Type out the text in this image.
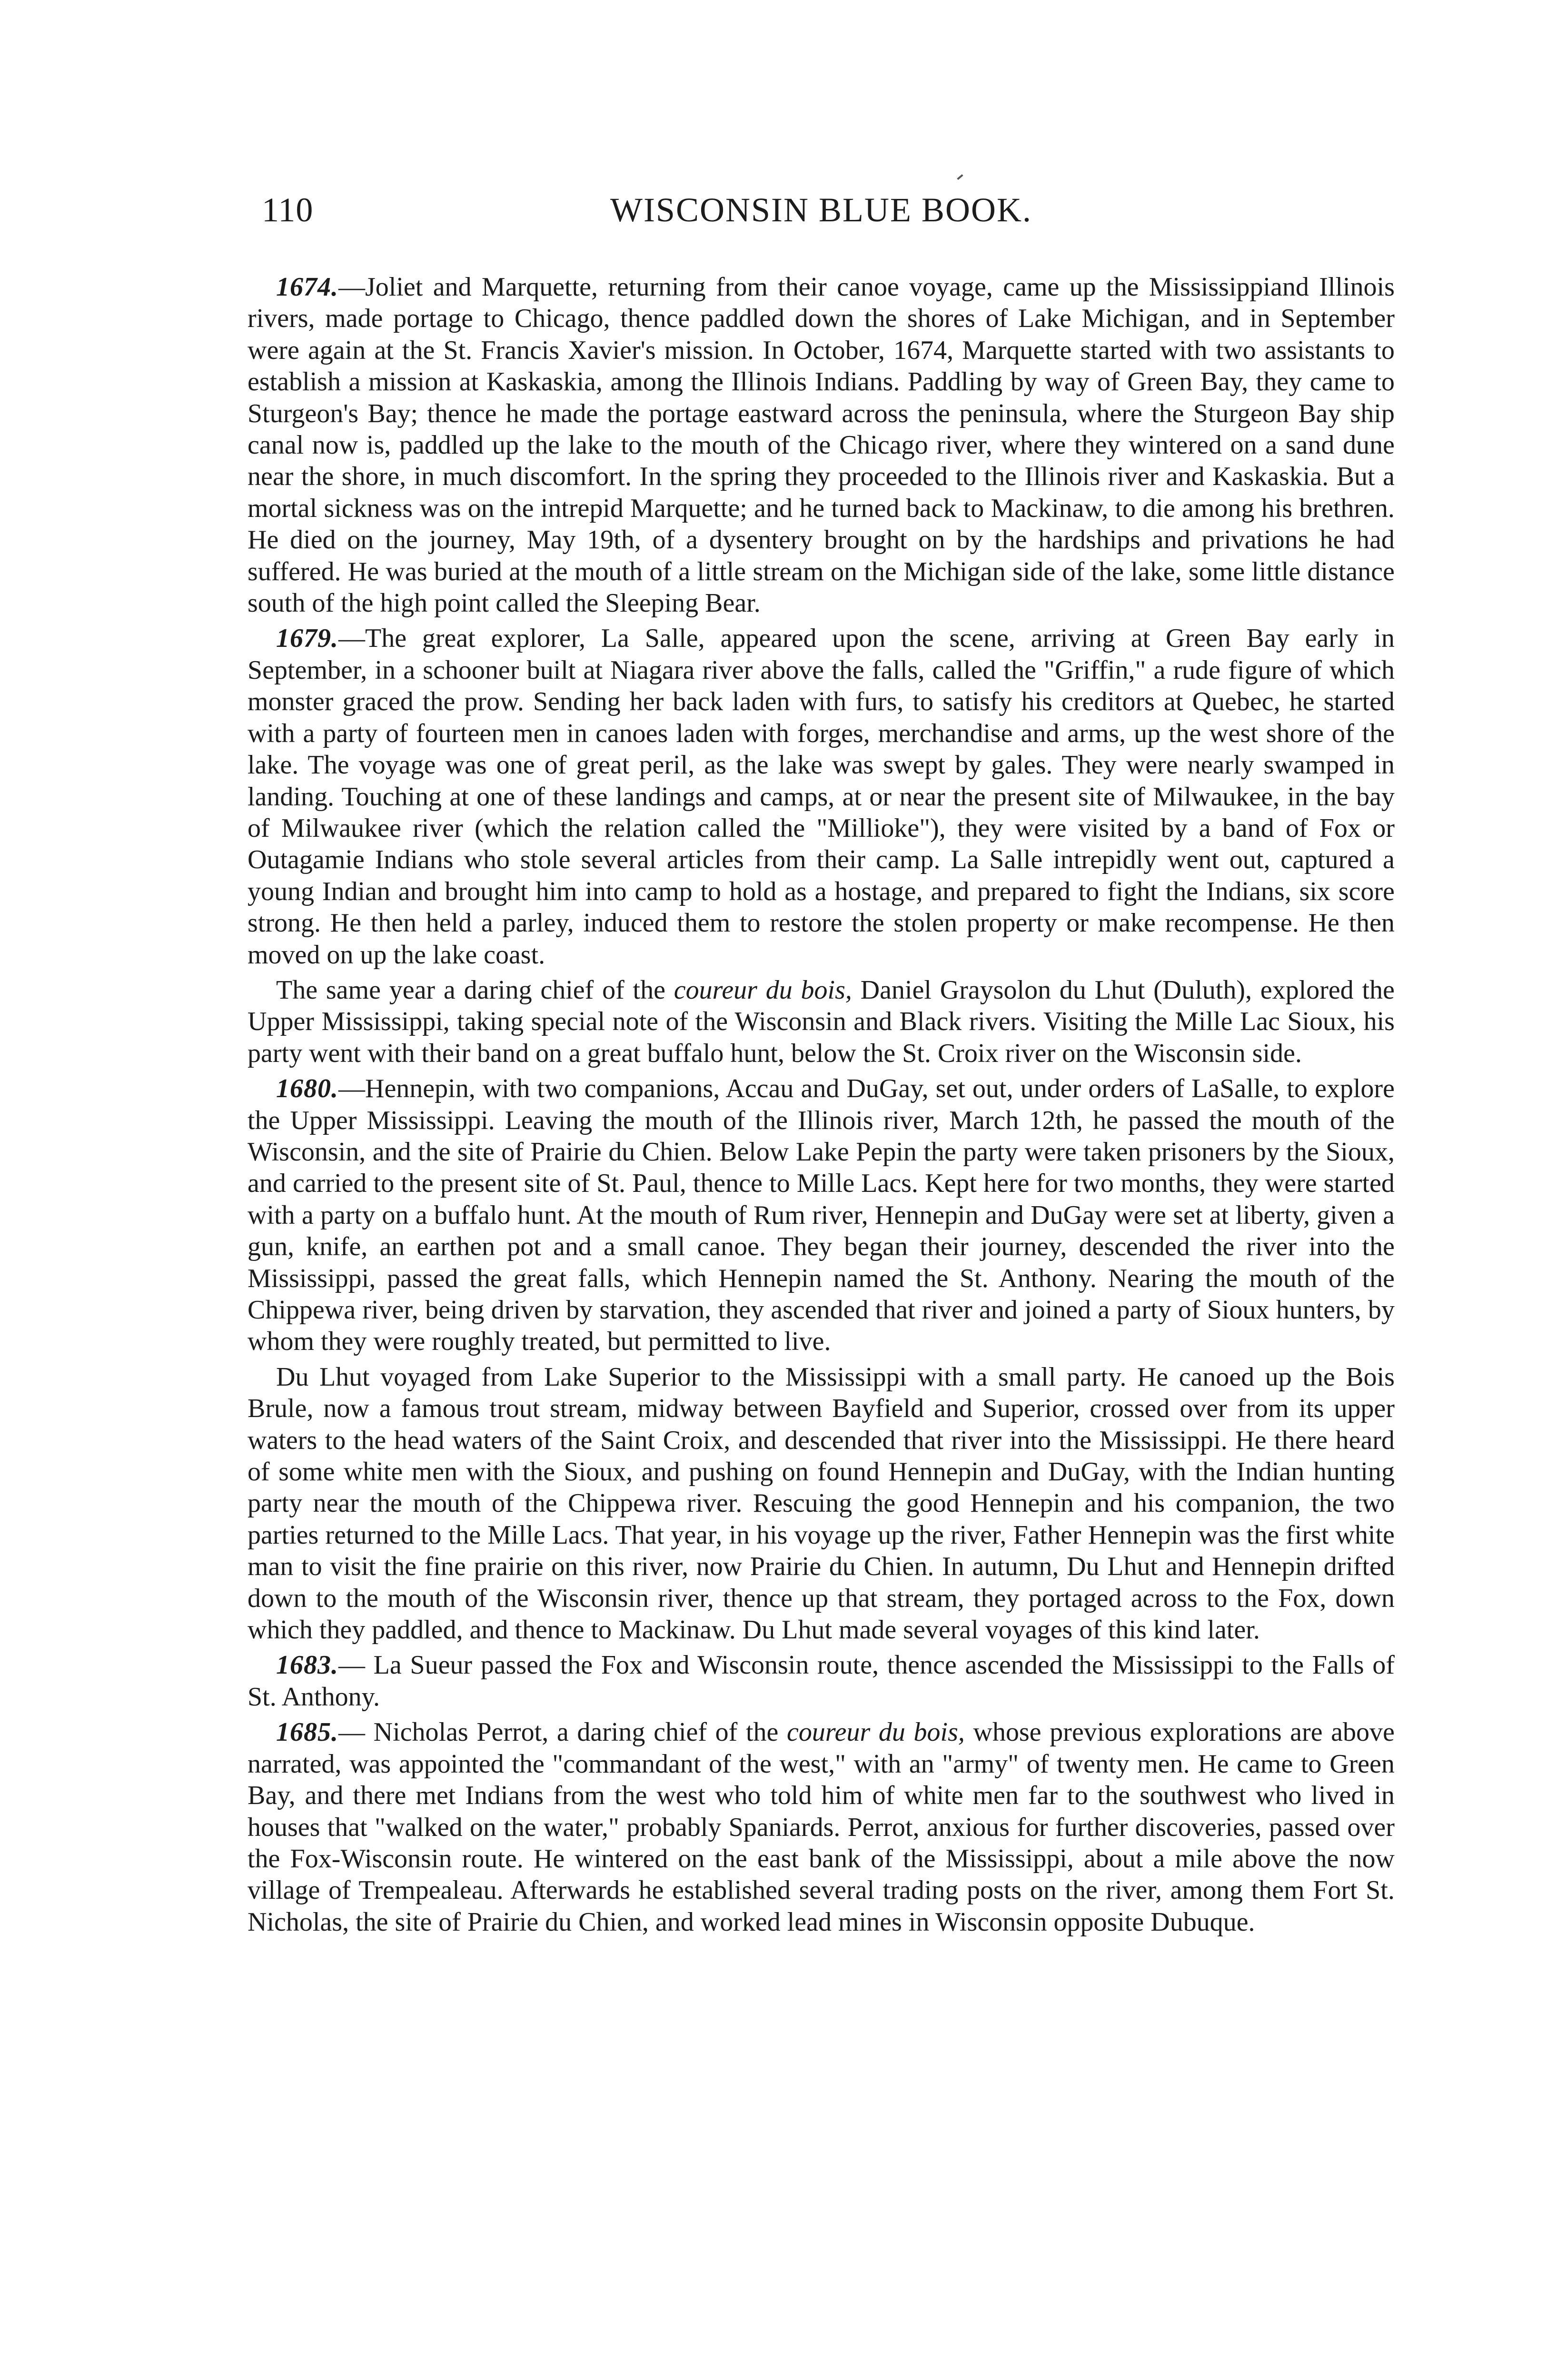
110	WISCONSIN BLUE BOOK.

1674.—Joliet and Marquette, returning from their canoe voyage, came up the Mississippiand Illinois rivers, made portage to Chicago, thence paddled down the shores of Lake Michigan, and in September were again at the St. Francis Xavier's mission. In October, 1674, Marquette started with two assistants to establish a mission at Kaskaskia, among the Illinois Indians. Paddling by way of Green Bay, they came to Sturgeon's Bay; thence he made the portage eastward across the peninsula, where the Sturgeon Bay ship canal now is, paddled up the lake to the mouth of the Chicago river, where they wintered on a sand dune near the shore, in much discomfort. In the spring they proceeded to the Illinois river and Kaskaskia. But a mortal sickness was on the intrepid Marquette; and he turned back to Mackinaw, to die among his brethren. He died on the journey, May 19th, of a dysentery brought on by the hardships and privations he had suffered. He was buried at the mouth of a little stream on the Michigan side of the lake, some little distance south of the high point called the Sleeping Bear.

1679.—The great explorer, La Salle, appeared upon the scene, arriving at Green Bay early in September, in a schooner built at Niagara river above the falls, called the "Griffin," a rude figure of which monster graced the prow. Sending her back laden with furs, to satisfy his creditors at Quebec, he started with a party of fourteen men in canoes laden with forges, merchandise and arms, up the west shore of the lake. The voyage was one of great peril, as the lake was swept by gales. They were nearly swamped in landing. Touching at one of these landings and camps, at or near the present site of Milwaukee, in the bay of Milwaukee river (which the relation called the "Millioke"), they were visited by a band of Fox or Outagamie Indians who stole several articles from their camp. La Salle intrepidly went out, captured a young Indian and brought him into camp to hold as a hostage, and prepared to fight the Indians, six score strong. He then held a parley, induced them to restore the stolen property or make recompense. He then moved on up the lake coast.

The same year a daring chief of the coureur du bois, Daniel Graysolon du Lhut (Duluth), explored the Upper Mississippi, taking special note of the Wisconsin and Black rivers. Visiting the Mille Lac Sioux, his party went with their band on a great buffalo hunt, below the St. Croix river on the Wisconsin side.

1680.—Hennepin, with two companions, Accau and DuGay, set out, under orders of LaSalle, to explore the Upper Mississippi. Leaving the mouth of the Illinois river, March 12th, he passed the mouth of the Wisconsin, and the site of Prairie du Chien. Below Lake Pepin the party were taken prisoners by the Sioux, and carried to the present site of St. Paul, thence to Mille Lacs. Kept here for two months, they were started with a party on a buffalo hunt. At the mouth of Rum river, Hennepin and DuGay were set at liberty, given a gun, knife, an earthen pot and a small canoe. They began their journey, descended the river into the Mississippi, passed the great falls, which Hennepin named the St. Anthony. Nearing the mouth of the Chippewa river, being driven by starvation, they ascended that river and joined a party of Sioux hunters, by whom they were roughly treated, but permitted to live.

Du Lhut voyaged from Lake Superior to the Mississippi with a small party. He canoed up the Bois Brule, now a famous trout stream, midway between Bayfield and Superior, crossed over from its upper waters to the head waters of the Saint Croix, and descended that river into the Mississippi. He there heard of some white men with the Sioux, and pushing on found Hennepin and DuGay, with the Indian hunting party near the mouth of the Chippewa river. Rescuing the good Hennepin and his companion, the two parties returned to the Mille Lacs. That year, in his voyage up the river, Father Hennepin was the first white man to visit the fine prairie on this river, now Prairie du Chien. In autumn, Du Lhut and Hennepin drifted down to the mouth of the Wisconsin river, thence up that stream, they portaged across to the Fox, down which they paddled, and thence to Mackinaw. Du Lhut made several voyages of this kind later.

1683.— La Sueur passed the Fox and Wisconsin route, thence ascended the Mississippi to the Falls of St. Anthony.

1685.— Nicholas Perrot, a daring chief of the coureur du bois, whose previous explorations are above narrated, was appointed the "commandant of the west," with an "army" of twenty men. He came to Green Bay, and there met Indians from the west who told him of white men far to the southwest who lived in houses that "walked on the water," probably Spaniards. Perrot, anxious for further discoveries, passed over the Fox-Wisconsin route. He wintered on the east bank of the Mississippi, about a mile above the now village of Trempealeau. Afterwards he established several trading posts on the river, among them Fort St. Nicholas, the site of Prairie du Chien, and worked lead mines in Wisconsin opposite Dubuque.
